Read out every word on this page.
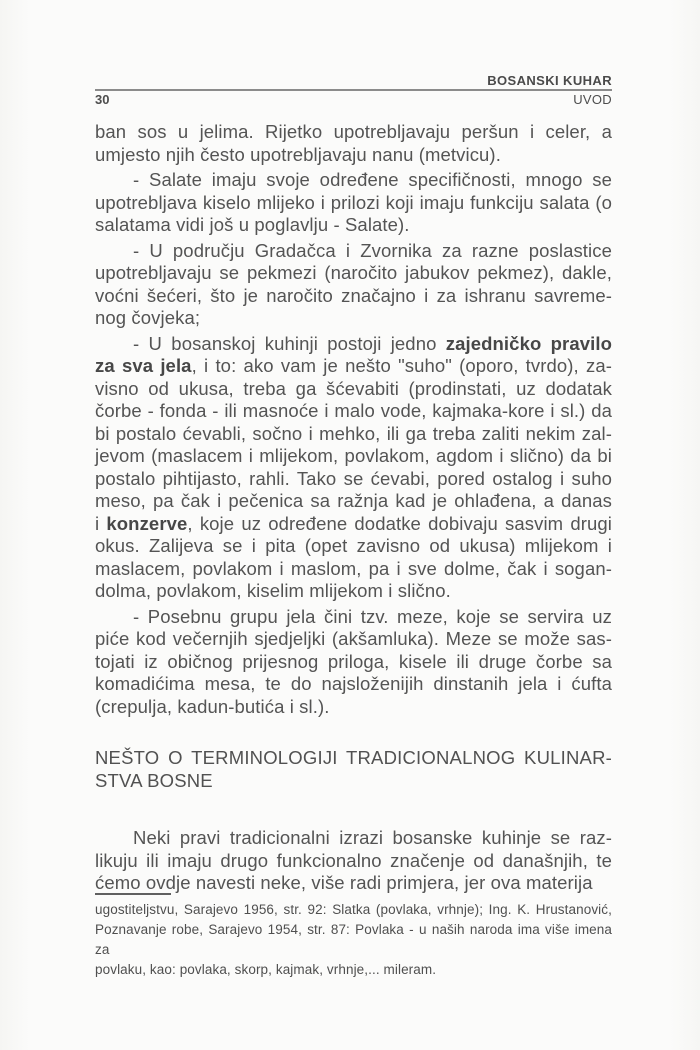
BOSANSKI KUHAR
30	UVOD
ban sos u jelima. Rijetko upotrebljavaju peršun i celer, a
umjesto njih često upotrebljavaju nanu (metvicu).
- Salate imaju svoje određene specifičnosti, mnogo se
upotrebljava kiselo mlijeko i prilozi koji imaju funkciju salata (o
salatama vidi još u poglavlju - Salate).
- U području Gradačca i Zvornika za razne poslastice
upotrebljavaju se pekmezi (naročito jabukov pekmez), dakle,
voćni šećeri, što je naročito značajno i za ishranu savreme-
nog čovjeka;
- U bosanskoj kuhinji postoji jedno zajedničko pravilo
za sva jela, i to: ako vam je nešto "suho" (oporo, tvrdo), za-
visno od ukusa, treba ga šćevabiti (prodinstati, uz dodatak
čorbe - fonda - ili masnoće i malo vode, kajmaka-kore i sl.) da
bi postalo ćevabli, sočno i mehko, ili ga treba zaliti nekim zal-
jevom (maslacem i mlijekom, povlakom, agdom i slično) da bi
postalo pihtijasto, rahli. Tako se ćevabi, pored ostalog i suho
meso, pa čak i pečenica sa ražnja kad je ohlađena, a danas
i konzerve, koje uz određene dodatke dobivaju sasvim drugi
okus. Zalijeva se i pita (opet zavisno od ukusa) mlijekom i
maslacem, povlakom i maslom, pa i sve dolme, čak i sogan-
dolma, povlakom, kiselim mlijekom i slično.
- Posebnu grupu jela čini tzv. meze, koje se servira uz
piće kod večernjih sjedjeljki (akšamluka). Meze se može sas-
tojati iz običnog prijesnog priloga, kisele ili druge čorbe sa
komadićima mesa, te do najsloženijih dinstanih jela i ćufta
(crepulja, kadun-butića i sl.).
NEŠTO O TERMINOLOGIJI TRADICIONALNOG KULINAR-
STVA BOSNE
Neki pravi tradicionalni izrazi bosanske kuhinje se raz-
likuju ili imaju drugo funkcionalno značenje od današnjih, te
ćemo ovdje navesti neke, više radi primjera, jer ova materija
ugostiteljstvu, Sarajevo 1956, str. 92: Slatka (povlaka, vrhnje); Ing. K. Hrustanović,
Poznavanje robe, Sarajevo 1954, str. 87: Povlaka - u naših naroda ima više imena za
povlaku, kao: povlaka, skorp, kajmak, vrhnje,... mileram.
